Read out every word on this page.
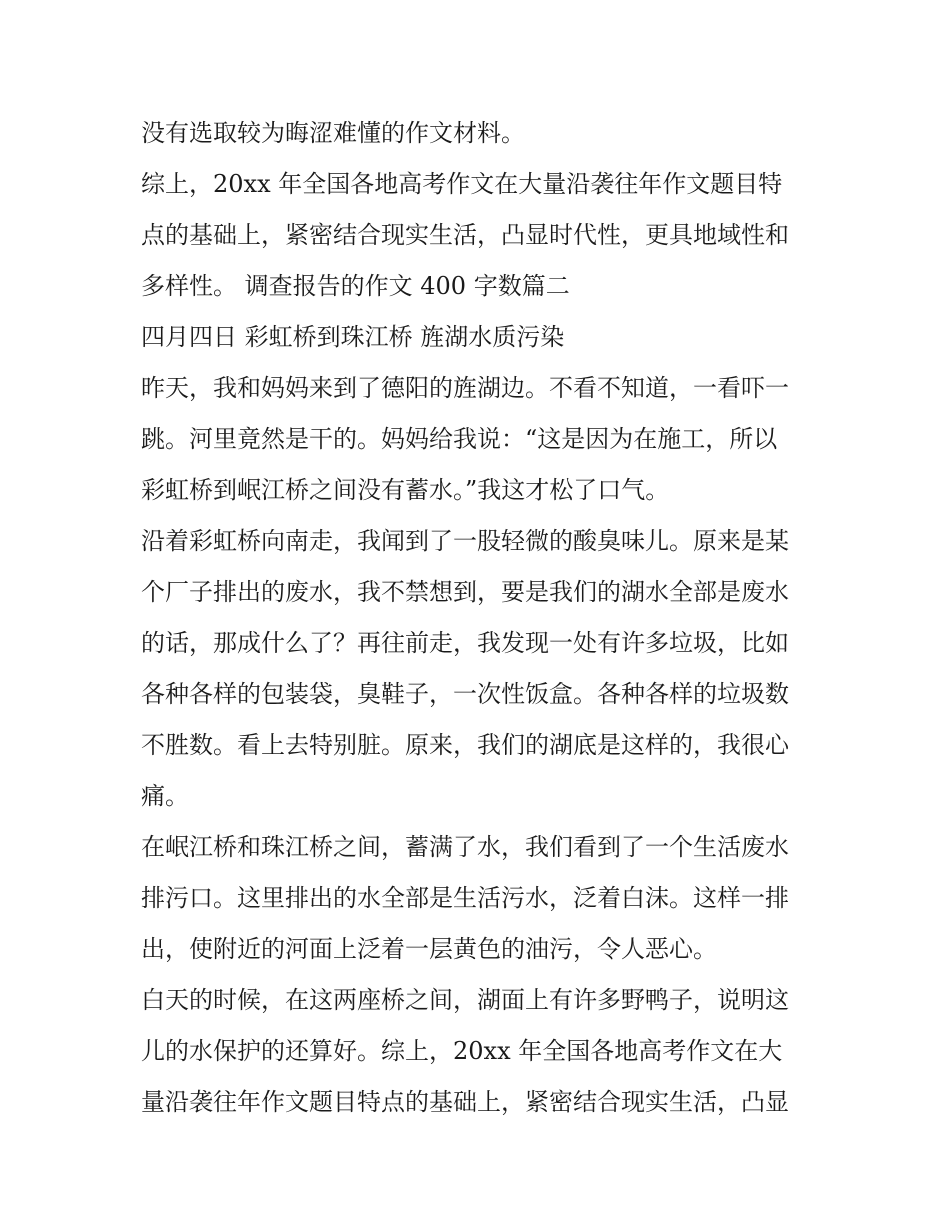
没有选取较为晦涩难懂的作文材料。
综上，20xx 年全国各地高考作文在大量沿袭往年作文题目特
点的基础上，紧密结合现实生活，凸显时代性，更具地域性和
多样性。 调查报告的作文 400 字数篇二
四月四日 彩虹桥到珠江桥 旌湖水质污染
昨天，我和妈妈来到了德阳的旌湖边。不看不知道，一看吓一
跳。河里竟然是干的。妈妈给我说：“这是因为在施工，所以
彩虹桥到岷江桥之间没有蓄水。”我这才松了口气。
沿着彩虹桥向南走，我闻到了一股轻微的酸臭味儿。原来是某
个厂子排出的废水，我不禁想到，要是我们的湖水全部是废水
的话，那成什么了？再往前走，我发现一处有许多垃圾，比如
各种各样的包装袋，臭鞋子，一次性饭盒。各种各样的垃圾数
不胜数。看上去特别脏。原来，我们的湖底是这样的，我很心
痛。
在岷江桥和珠江桥之间，蓄满了水，我们看到了一个生活废水
排污口。这里排出的水全部是生活污水，泛着白沫。这样一排
出，使附近的河面上泛着一层黄色的油污，令人恶心。
白天的时候，在这两座桥之间，湖面上有许多野鸭子，说明这
儿的水保护的还算好。综上，20xx 年全国各地高考作文在大
量沿袭往年作文题目特点的基础上，紧密结合现实生活，凸显
